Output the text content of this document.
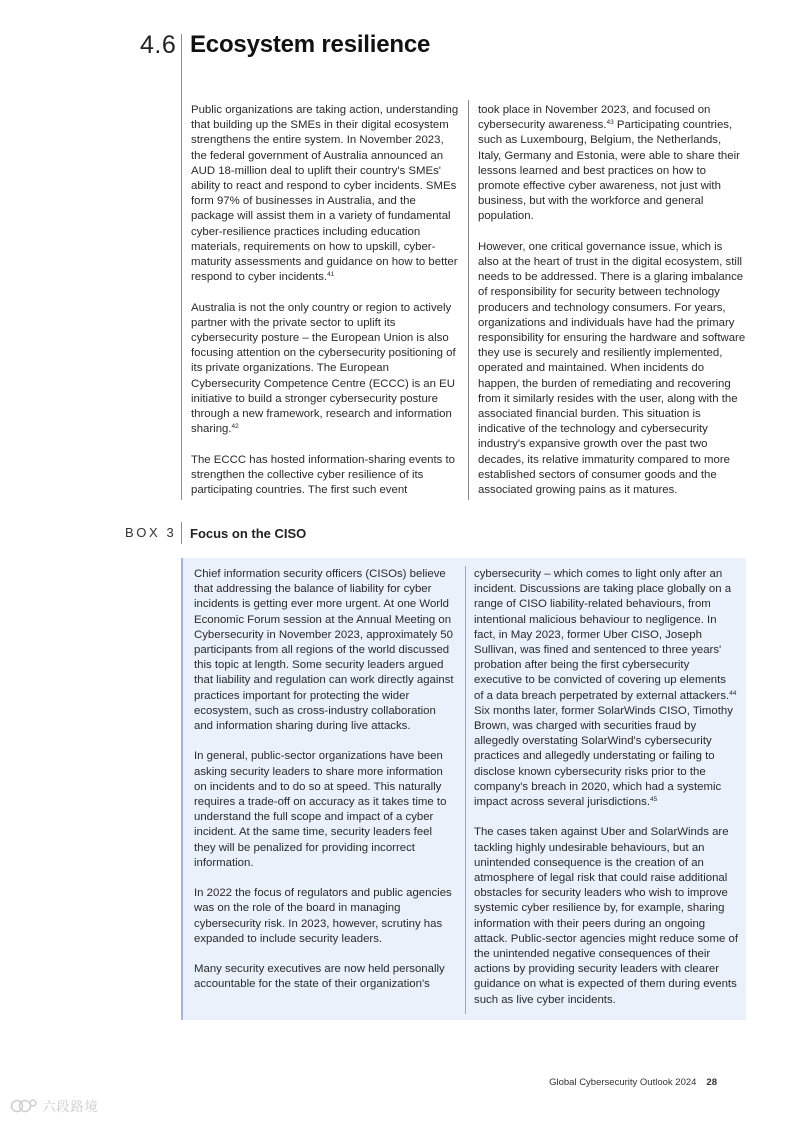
4.6 Ecosystem resilience

Public organizations are taking action, understanding that building up the SMEs in their digital ecosystem strengthens the entire system. In November 2023, the federal government of Australia announced an AUD 18-million deal to uplift their country's SMEs' ability to react and respond to cyber incidents. SMEs form 97% of businesses in Australia, and the package will assist them in a variety of fundamental cyber-resilience practices including education materials, requirements on how to upskill, cyber-maturity assessments and guidance on how to better respond to cyber incidents.$^{41}$

Australia is not the only country or region to actively partner with the private sector to uplift its cybersecurity posture – the European Union is also focusing attention on the cybersecurity positioning of its private organizations. The European Cybersecurity Competence Centre (ECCC) is an EU initiative to build a stronger cybersecurity posture through a new framework, research and information sharing.$^{42}$

The ECCC has hosted information-sharing events to strengthen the collective cyber resilience of its participating countries. The first such event

took place in November 2023, and focused on cybersecurity awareness.$^{43}$ Participating countries, such as Luxembourg, Belgium, the Netherlands, Italy, Germany and Estonia, were able to share their lessons learned and best practices on how to promote effective cyber awareness, not just with business, but with the workforce and general population.

However, one critical governance issue, which is also at the heart of trust in the digital ecosystem, still needs to be addressed. There is a glaring imbalance of responsibility for security between technology producers and technology consumers. For years, organizations and individuals have had the primary responsibility for ensuring the hardware and software they use is securely and resiliently implemented, operated and maintained. When incidents do happen, the burden of remediating and recovering from it similarly resides with the user, along with the associated financial burden. This situation is indicative of the technology and cybersecurity industry's expansive growth over the past two decades, its relative immaturity compared to more established sectors of consumer goods and the associated growing pains as it matures.

BOX 3 Focus on the CISO

Chief information security officers (CISOs) believe that addressing the balance of liability for cyber incidents is getting ever more urgent. At one World Economic Forum session at the Annual Meeting on Cybersecurity in November 2023, approximately 50 participants from all regions of the world discussed this topic at length. Some security leaders argued that liability and regulation can work directly against practices important for protecting the wider ecosystem, such as cross-industry collaboration and information sharing during live attacks.

In general, public-sector organizations have been asking security leaders to share more information on incidents and to do so at speed. This naturally requires a trade-off on accuracy as it takes time to understand the full scope and impact of a cyber incident. At the same time, security leaders feel they will be penalized for providing incorrect information.

In 2022 the focus of regulators and public agencies was on the role of the board in managing cybersecurity risk. In 2023, however, scrutiny has expanded to include security leaders.

Many security executives are now held personally accountable for the state of their organization's

cybersecurity – which comes to light only after an incident. Discussions are taking place globally on a range of CISO liability-related behaviours, from intentional malicious behaviour to negligence. In fact, in May 2023, former Uber CISO, Joseph Sullivan, was fined and sentenced to three years' probation after being the first cybersecurity executive to be convicted of covering up elements of a data breach perpetrated by external attackers.$^{44}$ Six months later, former SolarWinds CISO, Timothy Brown, was charged with securities fraud by allegedly overstating SolarWind's cybersecurity practices and allegedly understating or failing to disclose known cybersecurity risks prior to the company's breach in 2020, which had a systemic impact across several jurisdictions.$^{45}$

The cases taken against Uber and SolarWinds are tackling highly undesirable behaviours, but an unintended consequence is the creation of an atmosphere of legal risk that could raise additional obstacles for security leaders who wish to improve systemic cyber resilience by, for example, sharing information with their peers during an ongoing attack. Public-sector agencies might reduce some of the unintended negative consequences of their actions by providing security leaders with clearer guidance on what is expected of them during events such as live cyber incidents.

Global Cybersecurity Outlook 2024 28
六段路境
